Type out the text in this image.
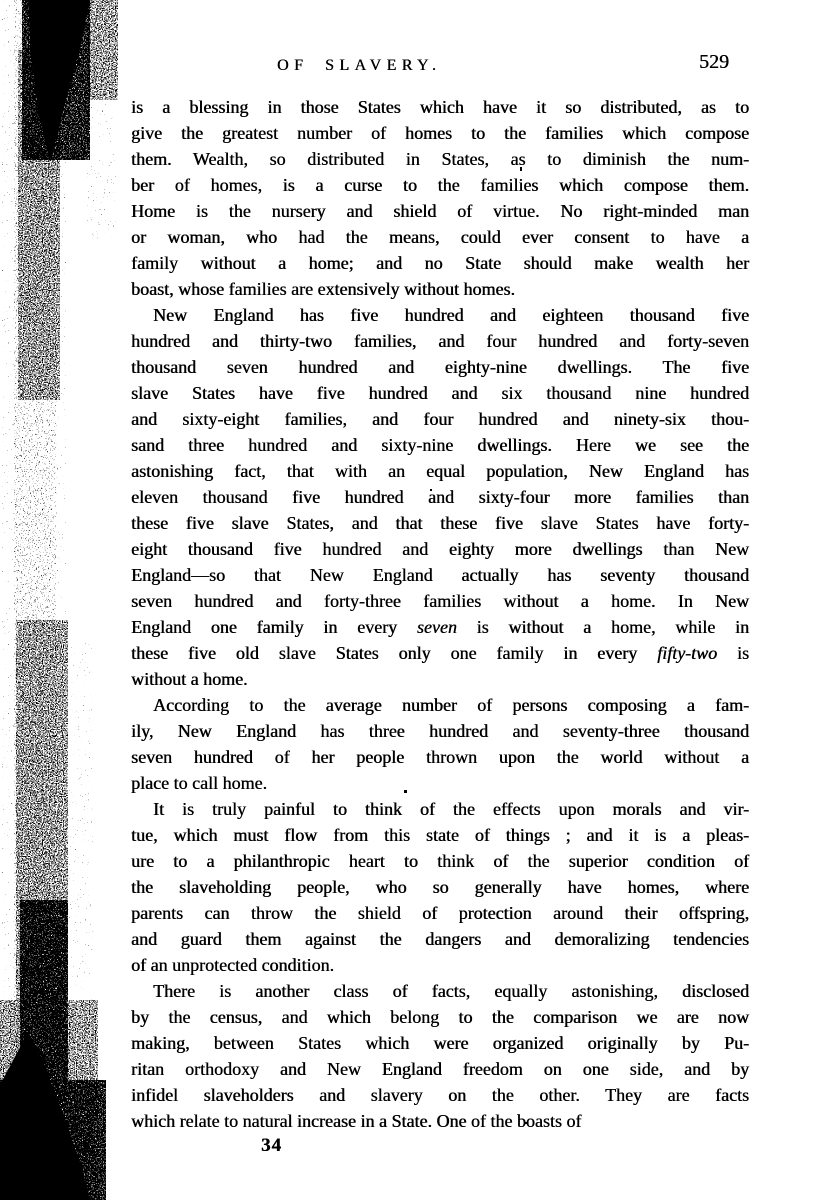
OF SLAVERY.	529
is a blessing in those States which have it so distributed, as to
give the greatest number of homes to the families which compose
them. Wealth, so distributed in States, as to diminish the num-
ber of homes, is a curse to the families which compose them.
Home is the nursery and shield of virtue. No right-minded man
or woman, who had the means, could ever consent to have a
family without a home; and no State should make wealth her
boast, whose families are extensively without homes.
New England has five hundred and eighteen thousand five
hundred and thirty-two families, and four hundred and forty-seven
thousand seven hundred and eighty-nine dwellings. The five
slave States have five hundred and six thousand nine hundred
and sixty-eight families, and four hundred and ninety-six thou-
sand three hundred and sixty-nine dwellings. Here we see the
astonishing fact, that with an equal population, New England has
eleven thousand five hundred and sixty-four more families than
these five slave States, and that these five slave States have forty-
eight thousand five hundred and eighty more dwellings than New
England—so that New England actually has seventy thousand
seven hundred and forty-three families without a home. In New
England one family in every seven is without a home, while in
these five old slave States only one family in every fifty-two is
without a home.
According to the average number of persons composing a fam-
ily, New England has three hundred and seventy-three thousand
seven hundred of her people thrown upon the world without a
place to call home.
It is truly painful to think of the effects upon morals and vir-
tue, which must flow from this state of things ; and it is a pleas-
ure to a philanthropic heart to think of the superior condition of
the slaveholding people, who so generally have homes, where
parents can throw the shield of protection around their offspring,
and guard them against the dangers and demoralizing tendencies
of an unprotected condition.
There is another class of facts, equally astonishing, disclosed
by the census, and which belong to the comparison we are now
making, between States which were organized originally by Pu-
ritan orthodoxy and New England freedom on one side, and by
infidel slaveholders and slavery on the other. They are facts
which relate to natural increase in a State. One of the boasts of
34
